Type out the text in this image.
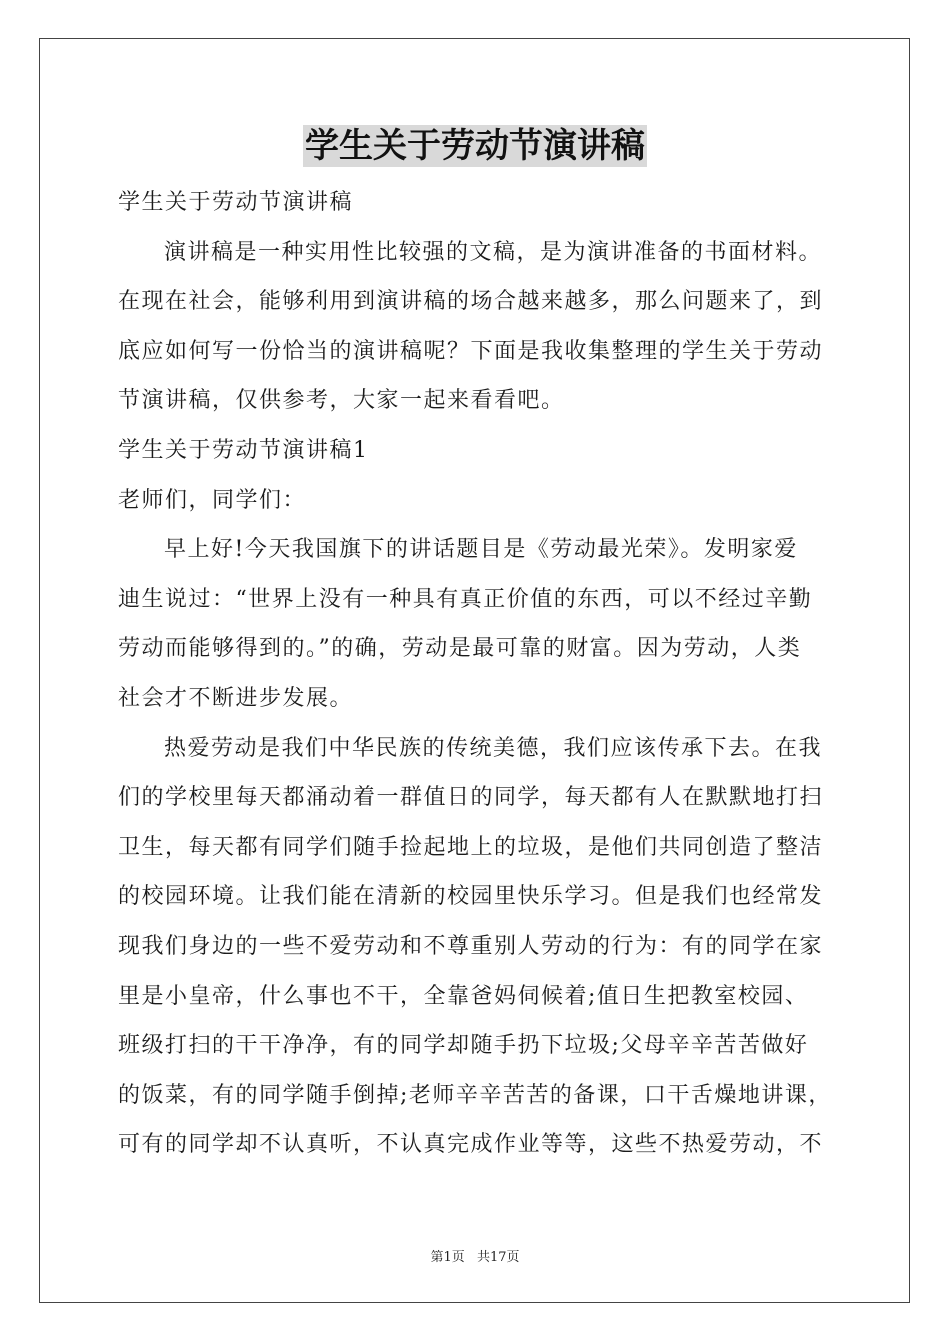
学生关于劳动节演讲稿
学生关于劳动节演讲稿
演讲稿是一种实用性比较强的文稿，是为演讲准备的书面材料。
在现在社会，能够利用到演讲稿的场合越来越多，那么问题来了，到
底应如何写一份恰当的演讲稿呢？下面是我收集整理的学生关于劳动
节演讲稿，仅供参考，大家一起来看看吧。
学生关于劳动节演讲稿1
老师们，同学们：
早上好!今天我国旗下的讲话题目是《劳动最光荣》。发明家爱
迪生说过：“世界上没有一种具有真正价值的东西，可以不经过辛勤
劳动而能够得到的。”的确，劳动是最可靠的财富。因为劳动，人类
社会才不断进步发展。
热爱劳动是我们中华民族的传统美德，我们应该传承下去。在我
们的学校里每天都涌动着一群值日的同学，每天都有人在默默地打扫
卫生，每天都有同学们随手捡起地上的垃圾，是他们共同创造了整洁
的校园环境。让我们能在清新的校园里快乐学习。但是我们也经常发
现我们身边的一些不爱劳动和不尊重别人劳动的行为：有的同学在家
里是小皇帝，什么事也不干，全靠爸妈伺候着;值日生把教室校园、
班级打扫的干干净净，有的同学却随手扔下垃圾;父母辛辛苦苦做好
的饭菜，有的同学随手倒掉;老师辛辛苦苦的备课，口干舌燥地讲课，
可有的同学却不认真听，不认真完成作业等等，这些不热爱劳动，不
第1页 共17页
